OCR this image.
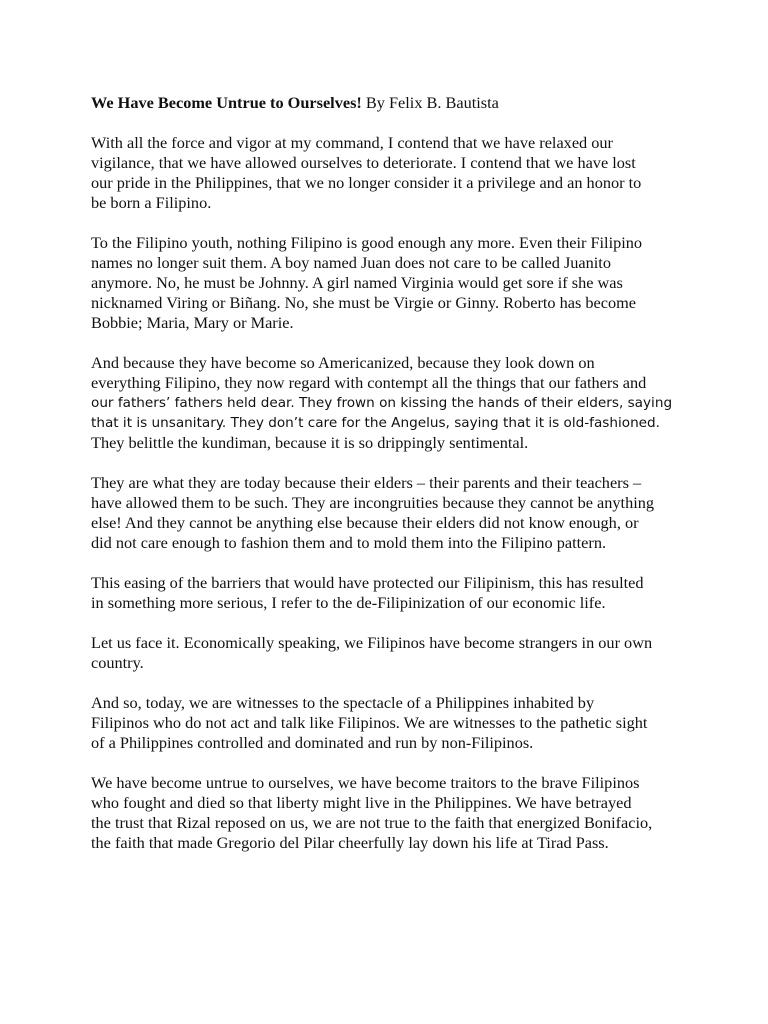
We Have Become Untrue to Ourselves! By Felix B. Bautista

With all the force and vigor at my command, I contend that we have relaxed our
vigilance, that we have allowed ourselves to deteriorate. I contend that we have lost
our pride in the Philippines, that we no longer consider it a privilege and an honor to
be born a Filipino.

To the Filipino youth, nothing Filipino is good enough any more. Even their Filipino
names no longer suit them. A boy named Juan does not care to be called Juanito
anymore. No, he must be Johnny. A girl named Virginia would get sore if she was
nicknamed Viring or Biñang. No, she must be Virgie or Ginny. Roberto has become
Bobbie; Maria, Mary or Marie.

And because they have become so Americanized, because they look down on
everything Filipino, they now regard with contempt all the things that our fathers and
our fathers’ fathers held dear. They frown on kissing the hands of their elders, saying
that it is unsanitary. They don’t care for the Angelus, saying that it is old-fashioned.
They belittle the kundiman, because it is so drippingly sentimental.

They are what they are today because their elders – their parents and their teachers –
have allowed them to be such. They are incongruities because they cannot be anything
else! And they cannot be anything else because their elders did not know enough, or
did not care enough to fashion them and to mold them into the Filipino pattern.

This easing of the barriers that would have protected our Filipinism, this has resulted
in something more serious, I refer to the de-Filipinization of our economic life.

Let us face it. Economically speaking, we Filipinos have become strangers in our own
country.

And so, today, we are witnesses to the spectacle of a Philippines inhabited by
Filipinos who do not act and talk like Filipinos. We are witnesses to the pathetic sight
of a Philippines controlled and dominated and run by non-Filipinos.

We have become untrue to ourselves, we have become traitors to the brave Filipinos
who fought and died so that liberty might live in the Philippines. We have betrayed
the trust that Rizal reposed on us, we are not true to the faith that energized Bonifacio,
the faith that made Gregorio del Pilar cheerfully lay down his life at Tirad Pass.
